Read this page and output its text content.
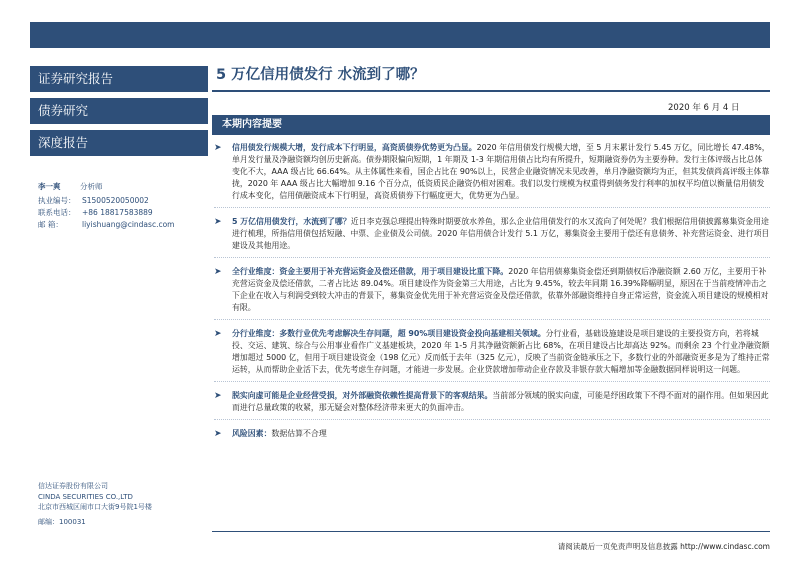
证券研究报告
债券研究
深度报告
李一爽	分析师
执业编号： S1500520050002
联系电话： +86 18817583889
邮 箱：	liyishuang@cindasc.com
信达证券股份有限公司
CINDA SECURITIES CO.,LTD
北京市西城区闹市口大街9号院1号楼
邮编：100031
5 万亿信用债发行 水流到了哪？
2020 年 6 月 4 日
本期内容提要
➤ 信用债发行规模大增，发行成本下行明显，高资质债券优势更为凸显。2020 年信用债发行规模大增，至 5 月末累计发行 5.45 万亿，同比增长 47.48%，单月发行量及净融资额均创历史新高。债券期限偏向短期，1 年期及 1-3 年期信用债占比均有所提升，短期融资券仍为主要券种。发行主体评级占比总体变化不大，AAA 级占比 66.64%。从主体属性来看，国企占比在 90%以上，民营企业融资情况未见改善，单月净融资额均为正，但其发债尚高评级主体靠拢，2020 年 AAA 级占比大幅增加 9.16 个百分点，低资质民企融资仍相对困难。我们以发行规模为权重得到债务发行利率的加权平均值以衡量信用债发行成本变化，信用债融资成本下行明显，高资质债券下行幅度更大，优势更为凸显。
➤ 5 万亿信用债发行，水流到了哪？近日李克强总理提出特殊时期要放水养鱼，那么企业信用债发行的水又流向了何处呢？我们根据信用债披露募集资金用途进行梳理，所指信用债包括短融、中票、企业债及公司债。2020 年信用债合计发行 5.1 万亿，募集资金主要用于偿还有息债务、补充营运资金、进行项目建设及其他用途。
➤ 全行业维度：资金主要用于补充营运资金及偿还借款，用于项目建设比重下降。2020 年信用债募集资金偿还到期债权后净融资额 2.60 万亿，主要用于补充营运资金及偿还借款，二者占比达 89.04%。项目建设作为资金第三大用途，占比为 9.45%，较去年同期 16.39%降幅明显，原因在于当前疫情冲击之下企业在收入与利润受到较大冲击的背景下，募集资金优先用于补充营运资金及偿还借款，依靠外部融资维持自身正常运营，资金流入项目建设的规模相对有限。
➤ 分行业维度：多数行业优先考虑解决生存问题，超 90%项目建设资金投向基建相关领域。分行业看，基础设施建设是项目建设的主要投资方向，若将城投、交运、建筑、综合与公用事业看作广义基建板块，2020 年 1-5 月其净融资额新占比 68%，在项目建设占比却高达 92%。而剩余 23 个行业净融资额增加超过 5000 亿，但用于项目建设资金（198 亿元）反而低于去年（325 亿元），反映了当前资金链承压之下，多数行业的外部融资更多是为了维持正常运转，从而帮助企业活下去，优先考虑生存问题，才能进一步发展。企业贷款增加带动企业存款及非银存款大幅增加等金融数据同样说明这一问题。
➤ 脱实向虚可能是企业经营受损，对外部融资依赖性提高背景下的客观结果。当前部分领域的脱实向虚，可能是纾困政策下不得不面对的副作用。但如果因此而进行总量政策的收紧，那无疑会对整体经济带来更大的负面冲击。
➤ 风险因素：数据估算不合理
请阅读最后一页免责声明及信息披露 http://www.cindasc.com
